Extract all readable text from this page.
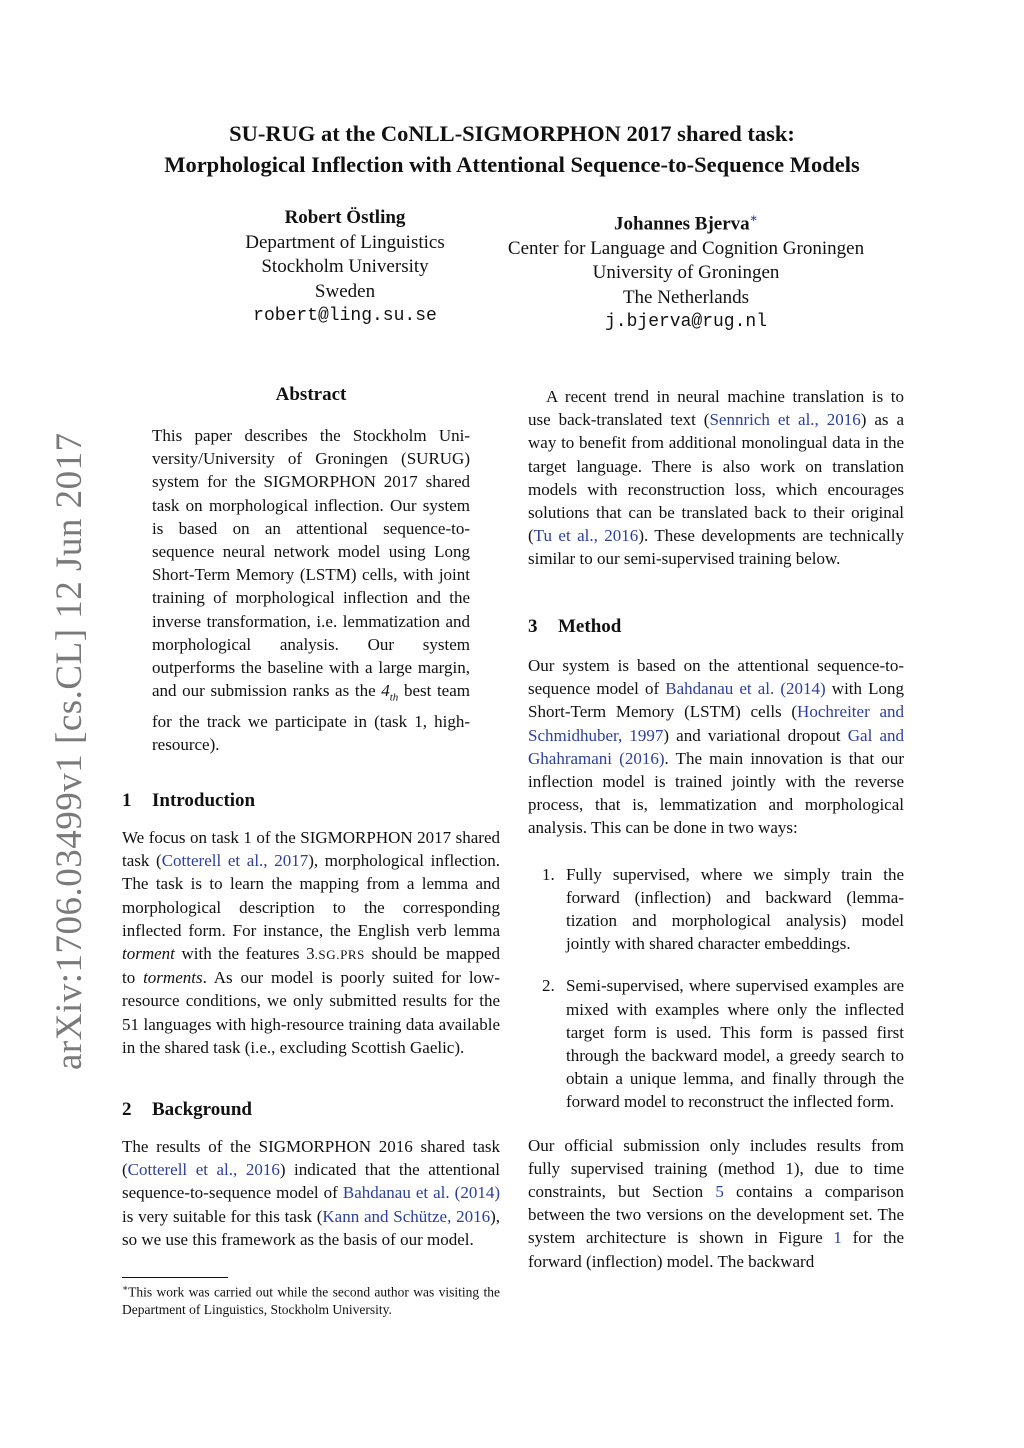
arXiv:1706.03499v1 [cs.CL] 12 Jun 2017
SU-RUG at the CoNLL-SIGMORPHON 2017 shared task:
Morphological Inflection with Attentional Sequence-to-Sequence Models
Robert Östling
Department of Linguistics
Stockholm University
Sweden
robert@ling.su.se
Johannes Bjerva∗
Center for Language and Cognition Groningen
University of Groningen
The Netherlands
j.bjerva@rug.nl
Abstract

This paper describes the Stockholm University/University of Groningen (SURUG) system for the SIGMORPHON 2017 shared task on morphological inflection. Our system is based on an attentional sequence-to-sequence neural network model using Long Short-Term Memory (LSTM) cells, with joint training of morphological inflection and the inverse transformation, i.e. lemmatization and morphological analysis. Our system outperforms the baseline with a large margin, and our submission ranks as the $4_{th}$ best team for the track we participate in (task 1, high-resource).

1 Introduction

We focus on task 1 of the SIGMORPHON 2017 shared task (Cotterell et al., 2017), morphological inflection. The task is to learn the mapping from a lemma and morphological description to the corresponding inflected form. For instance, the English verb lemma torment with the features 3.SG.PRS should be mapped to torments. As our model is poorly suited for low-resource conditions, we only submitted results for the 51 languages with high-resource training data available in the shared task (i.e., excluding Scottish Gaelic).

2 Background

The results of the SIGMORPHON 2016 shared task (Cotterell et al., 2016) indicated that the attentional sequence-to-sequence model of Bahdanau et al. (2014) is very suitable for this task (Kann and Schütze, 2016), so we use this framework as the basis of our model.

∗This work was carried out while the second author was visiting the Department of Linguistics, Stockholm University.

A recent trend in neural machine translation is to use back-translated text (Sennrich et al., 2016) as a way to benefit from additional monolingual data in the target language. There is also work on translation models with reconstruction loss, which encourages solutions that can be translated back to their original (Tu et al., 2016). These developments are technically similar to our semi-supervised training below.

3 Method

Our system is based on the attentional sequence-to-sequence model of Bahdanau et al. (2014) with Long Short-Term Memory (LSTM) cells (Hochreiter and Schmidhuber, 1997) and variational dropout Gal and Ghahramani (2016). The main innovation is that our inflection model is trained jointly with the reverse process, that is, lemmatization and morphological analysis. This can be done in two ways:

1. Fully supervised, where we simply train the forward (inflection) and backward (lemmatization and morphological analysis) model jointly with shared character embeddings.
2. Semi-supervised, where supervised examples are mixed with examples where only the inflected target form is used. This form is passed first through the backward model, a greedy search to obtain a unique lemma, and finally through the forward model to reconstruct the inflected form.

Our official submission only includes results from fully supervised training (method 1), due to time constraints, but Section 5 contains a comparison between the two versions on the development set. The system architecture is shown in Figure 1 for the forward (inflection) model. The backward
